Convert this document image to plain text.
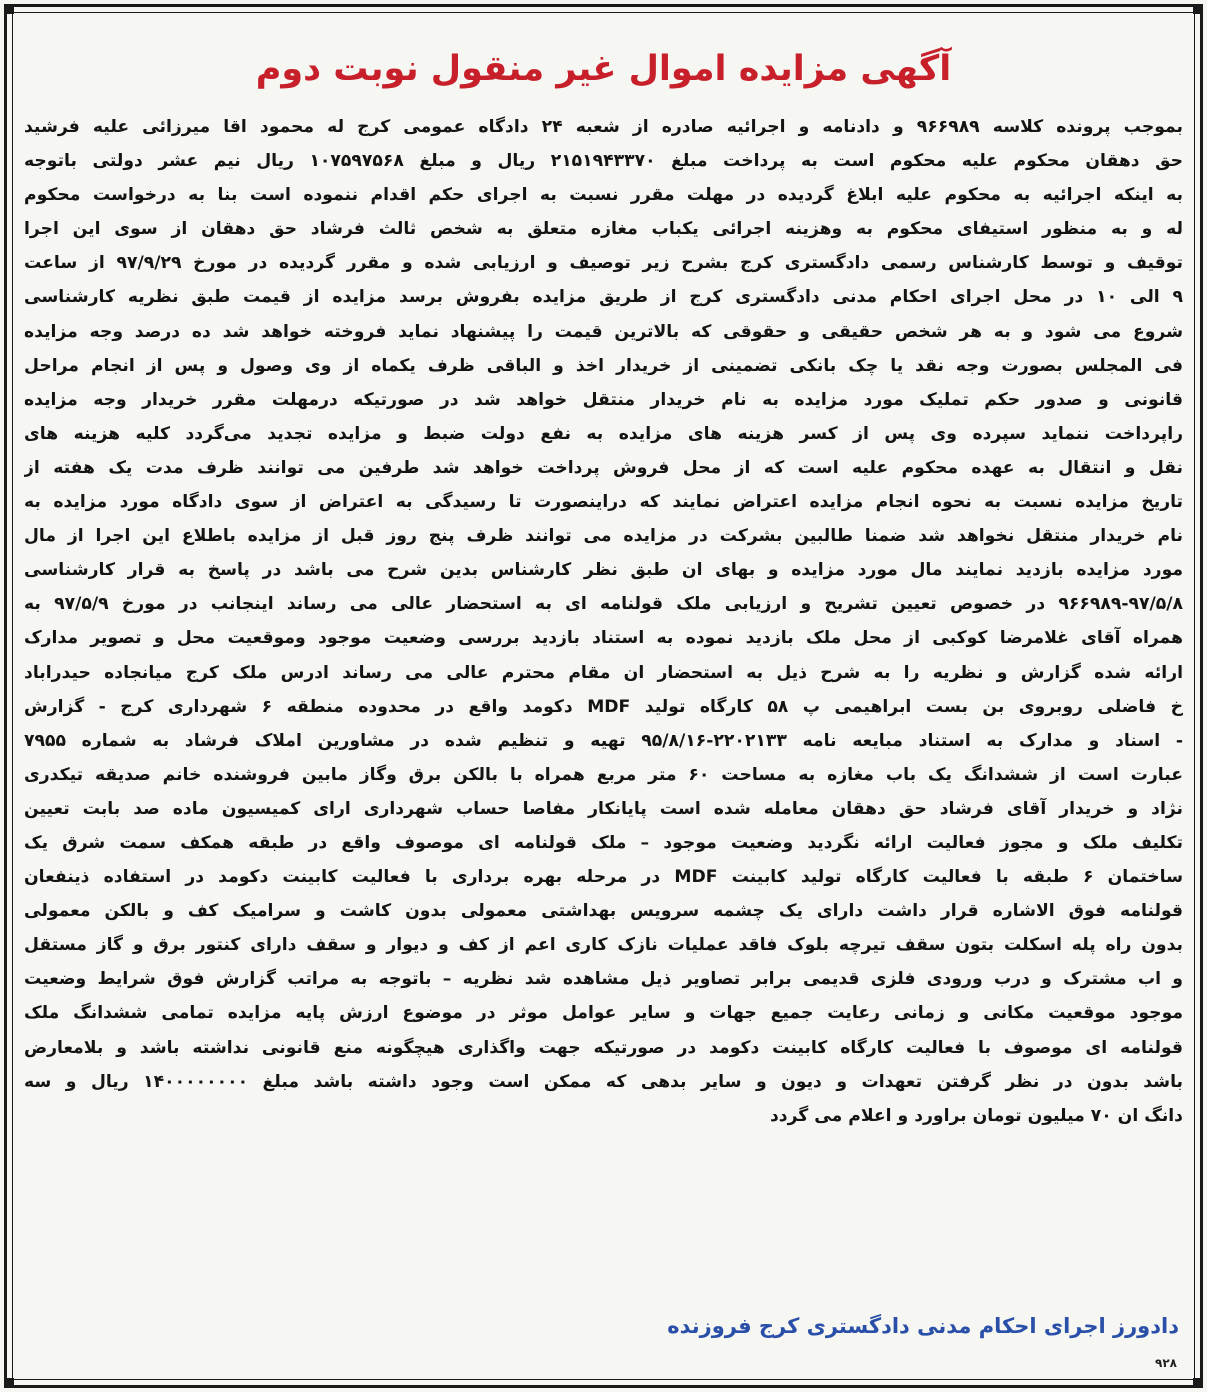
آگهی مزایده اموال غیر منقول نوبت دوم
بموجب پرونده کلاسه ۹۶۶۹۸۹ و دادنامه و اجرائیه صادره از شعبه ۲۴ دادگاه عمومی کرج له محمود اقا میرزائی علیه فرشید
حق دهقان محکوم علیه محکوم است به پرداخت مبلغ ۲۱۵۱۹۴۳۳۷۰ ریال و مبلغ ۱۰۷۵۹۷۵۶۸ ریال نیم عشر دولتی باتوجه
به اینکه اجرائیه به محکوم علیه ابلاغ گردیده در مهلت مقرر نسبت به اجرای حکم اقدام ننموده است بنا به درخواست محکوم
له و به منظور استیفای محکوم به وهزینه اجرائی یکباب مغازه متعلق به شخص ثالث فرشاد حق دهقان از سوی این اجرا
توقیف و توسط کارشناس رسمی دادگستری کرج بشرح زیر توصیف و ارزیابی شده و مقرر گردیده در مورخ ۹۷/۹/۲۹ از ساعت
۹ الی ۱۰ در محل اجرای احکام مدنی دادگستری کرج از طریق مزایده بفروش برسد مزایده از قیمت طبق نظریه کارشناسی
شروع می شود و به هر شخص حقیقی و حقوقی که بالاترین قیمت را پیشنهاد نماید فروخته خواهد شد ده درصد وجه مزایده
فی المجلس بصورت وجه نقد یا چک بانکی تضمینی از خریدار اخذ و الباقی ظرف یکماه از وی وصول و پس از انجام مراحل
قانونی و صدور حکم تملیک مورد مزایده به نام خریدار منتقل خواهد شد در صورتیکه درمهلت مقرر خریدار وجه مزایده
راپرداخت ننماید سپرده وی پس از کسر هزینه های مزایده به نفع دولت ضبط و مزایده تجدید می‌گردد کلیه هزینه های
نقل و انتقال به عهده محکوم علیه است که از محل فروش پرداخت خواهد شد طرفین می توانند ظرف مدت یک هفته از
تاریخ مزایده نسبت به نحوه انجام مزایده اعتراض نمایند که دراینصورت تا رسیدگی به اعتراض از سوی دادگاه مورد مزایده به
نام خریدار منتقل نخواهد شد ضمنا طالبین بشرکت در مزایده می توانند ظرف پنج روز قبل از مزایده باطلاع این اجرا از مال
مورد مزایده بازدید نمایند مال مورد مزایده و بهای ان طبق نظر کارشناس بدین شرح می باشد در پاسخ به قرار کارشناسی
۹۶۶۹۸۹-۹۷/۵/۸ در خصوص تعیین تشریح و ارزیابی ملک قولنامه ای به استحضار عالی می رساند اینجانب در مورخ ۹۷/۵/۹ به
همراه آقای غلامرضا کوکبی از محل ملک بازدید نموده به استناد بازدید بررسی وضعیت موجود وموقعیت محل و تصویر مدارک
ارائه شده گزارش و نظریه را به شرح ذیل به استحضار ان مقام محترم عالی می رساند ادرس ملک کرج میانجاده حیدراباد
خ فاضلی روبروی بن بست ابراهیمی پ ۵۸ کارگاه تولید MDF دکومد واقع در محدوده منطقه ۶ شهرداری کرج - گزارش
- اسناد و مدارک به استناد مبایعه نامه ۲۲۰۲۱۳۳-۹۵/۸/۱۶ تهیه و تنظیم شده در مشاورین املاک فرشاد به شماره ۷۹۵۵
عبارت است از ششدانگ یک باب مغازه به مساحت ۶۰ متر مربع همراه با بالکن برق وگاز مابین فروشنده خانم صدیقه تیکدری
نژاد و خریدار آقای فرشاد حق دهقان معامله شده است پایانکار مفاصا حساب شهرداری ارای کمیسیون ماده صد بابت تعیین
تکلیف ملک و مجوز فعالیت ارائه نگردید وضعیت موجود – ملک قولنامه ای موصوف واقع در طبقه همکف سمت شرق یک
ساختمان ۶ طبقه با فعالیت کارگاه تولید کابینت MDF در مرحله بهره برداری با فعالیت کابینت دکومد در استفاده ذینفعان
قولنامه فوق الاشاره قرار داشت دارای یک چشمه سرویس بهداشتی معمولی بدون کاشت و سرامیک کف و بالکن معمولی
بدون راه پله اسکلت بتون سقف تیرچه بلوک فاقد عملیات نازک کاری اعم از کف و دیوار و سقف دارای کنتور برق و گاز مستقل
و اب مشترک و درب ورودی فلزی قدیمی برابر تصاویر ذیل مشاهده شد نظریه – باتوجه به مراتب گزارش فوق شرایط وضعیت
موجود موقعیت مکانی و زمانی رعایت جمیع جهات و سایر عوامل موثر در موضوع ارزش پایه مزایده تمامی ششدانگ ملک
قولنامه ای موصوف با فعالیت کارگاه کابینت دکومد در صورتیکه جهت واگذاری هیچگونه منع قانونی نداشته باشد و بلامعارض
باشد بدون در نظر گرفتن تعهدات و دیون و سایر بدهی که ممکن است وجود داشته باشد مبلغ ۱۴۰۰۰۰۰۰۰۰ ریال و سه
دانگ ان ۷۰ میلیون تومان براورد و اعلام می گردد
دادورز اجرای احکام مدنی دادگستری کرج فروزنده
۹۲۸
